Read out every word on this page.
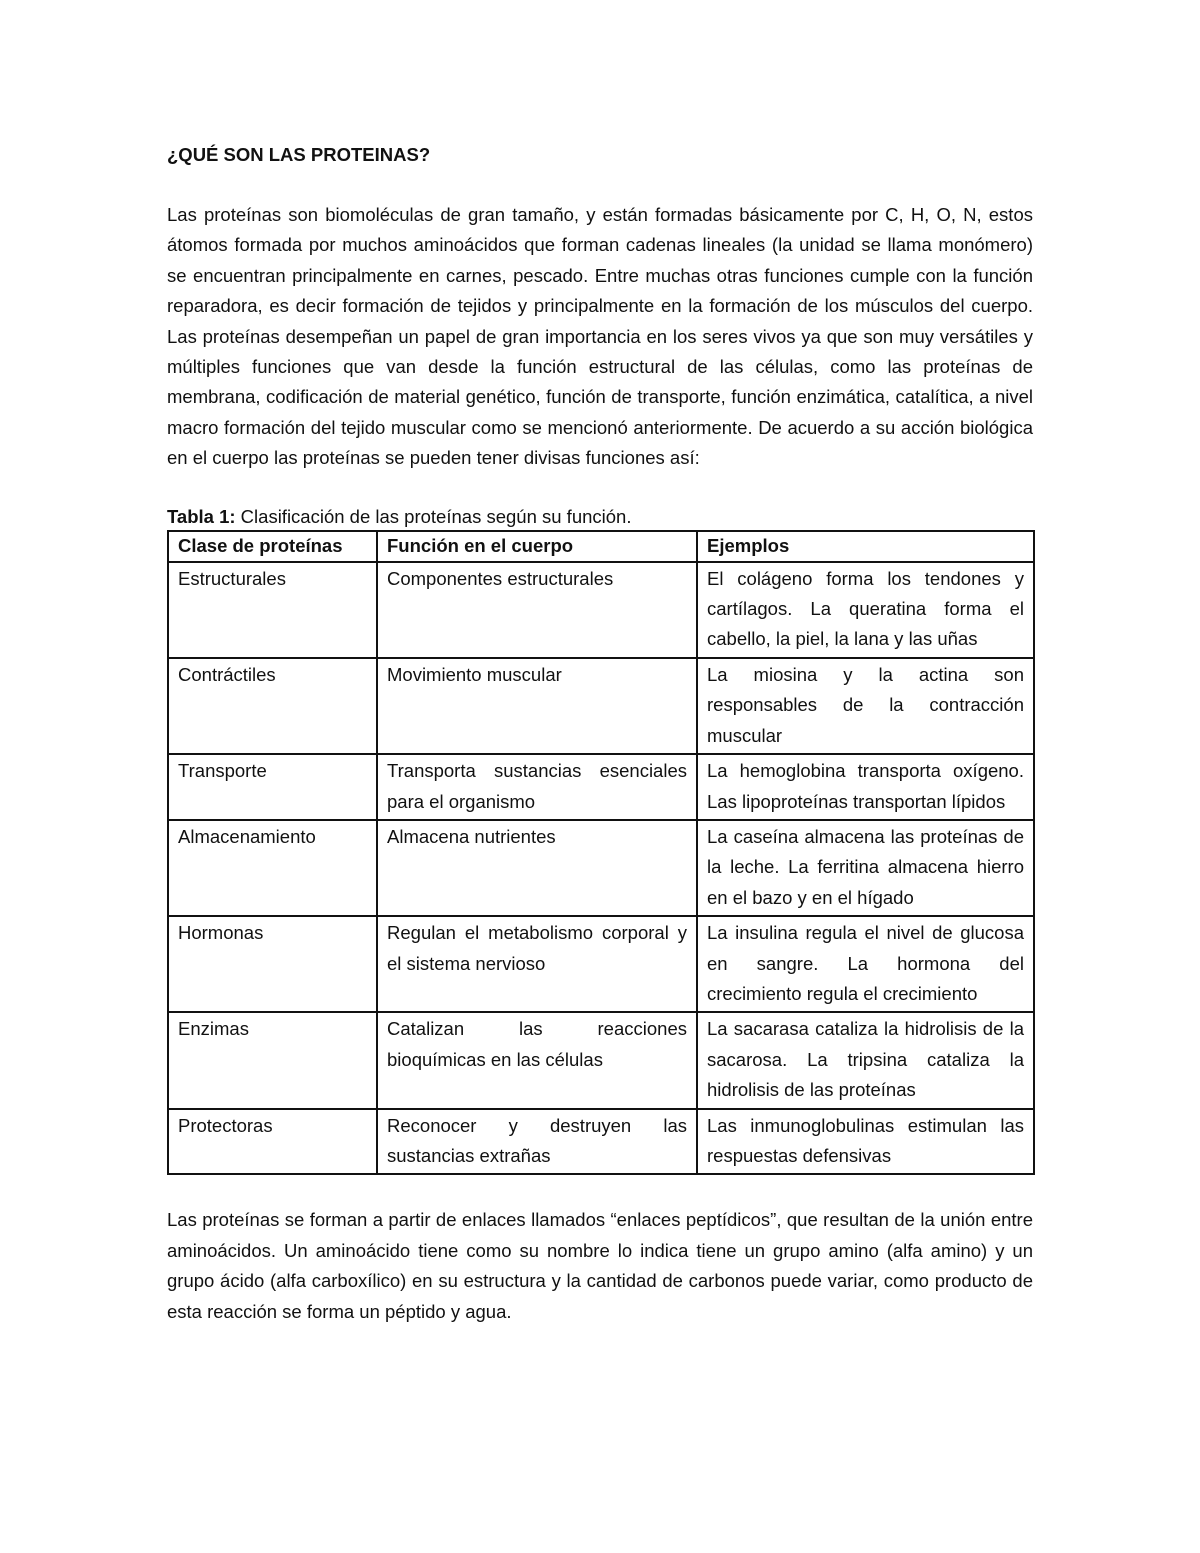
¿QUÉ SON LAS PROTEINAS?

Las proteínas son biomoléculas de gran tamaño, y están formadas básicamente por C, H, O, N, estos átomos formada por muchos aminoácidos que forman cadenas lineales (la unidad se llama monómero) se encuentran principalmente en carnes, pescado. Entre muchas otras funciones cumple con la función reparadora, es decir formación de tejidos y principalmente en la formación de los músculos del cuerpo. Las proteínas desempeñan un papel de gran importancia en los seres vivos ya que son muy versátiles y múltiples funciones que van desde la función estructural de las células, como las proteínas de membrana, codificación de material genético, función de transporte, función enzimática, catalítica, a nivel macro formación del tejido muscular como se mencionó anteriormente. De acuerdo a su acción biológica en el cuerpo las proteínas se pueden tener divisas funciones así:

Tabla 1: Clasificación de las proteínas según su función.

Clase de proteínas	Función en el cuerpo	Ejemplos
Estructurales	Componentes estructurales	El colágeno forma los tendones y cartílagos. La queratina forma el cabello, la piel, la lana y las uñas
Contráctiles	Movimiento muscular	La miosina y la actina son responsables de la contracción muscular
Transporte	Transporta sustancias esenciales para el organismo	La hemoglobina transporta oxígeno. Las lipoproteínas transportan lípidos
Almacenamiento	Almacena nutrientes	La caseína almacena las proteínas de la leche. La ferritina almacena hierro en el bazo y en el hígado
Hormonas	Regulan el metabolismo corporal y el sistema nervioso	La insulina regula el nivel de glucosa en sangre. La hormona del crecimiento regula el crecimiento
Enzimas	Catalizan las reacciones bioquímicas en las células	La sacarasa cataliza la hidrolisis de la sacarosa. La tripsina cataliza la hidrolisis de las proteínas
Protectoras	Reconocer y destruyen las sustancias extrañas	Las inmunoglobulinas estimulan las respuestas defensivas

Las proteínas se forman a partir de enlaces llamados “enlaces peptídicos”, que resultan de la unión entre aminoácidos. Un aminoácido tiene como su nombre lo indica tiene un grupo amino (alfa amino) y un grupo ácido (alfa carboxílico) en su estructura y la cantidad de carbonos puede variar, como producto de esta reacción se forma un péptido y agua.
